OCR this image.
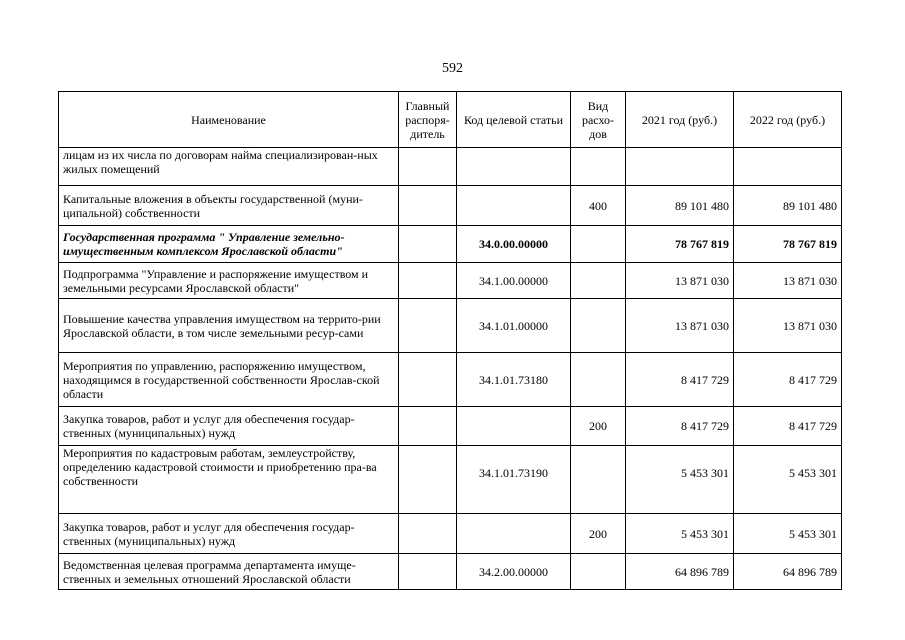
592
Наименование	Главный распоря-дитель	Код целевой статьи	Вид расхо-дов	2021 год (руб.)	2022 год (руб.)
лицам из их числа по договорам найма специализирован-ных жилых помещений					
Капитальные вложения в объекты государственной (муни-ципальной) собственности			400	89 101 480	89 101 480
Государственная программа " Управление земельно-имущественным комплексом Ярославской области"		34.0.00.00000		78 767 819	78 767 819
Подпрограмма "Управление и распоряжение имуществом и земельными ресурсами Ярославской области"		34.1.00.00000		13 871 030	13 871 030
Повышение качества управления имуществом на террито-рии Ярославской области, в том числе земельными ресур-сами		34.1.01.00000		13 871 030	13 871 030
Мероприятия по управлению, распоряжению имуществом, находящимся в государственной собственности Ярослав-ской области		34.1.01.73180		8 417 729	8 417 729
Закупка товаров, работ и услуг для обеспечения государ-ственных (муниципальных) нужд			200	8 417 729	8 417 729
Мероприятия по кадастровым работам, землеустройству, определению кадастровой стоимости и приобретению пра-ва собственности		34.1.01.73190		5 453 301	5 453 301
Закупка товаров, работ и услуг для обеспечения государ-ственных (муниципальных) нужд			200	5 453 301	5 453 301
Ведомственная целевая программа департамента имуще-ственных и земельных отношений Ярославской области		34.2.00.00000		64 896 789	64 896 789
